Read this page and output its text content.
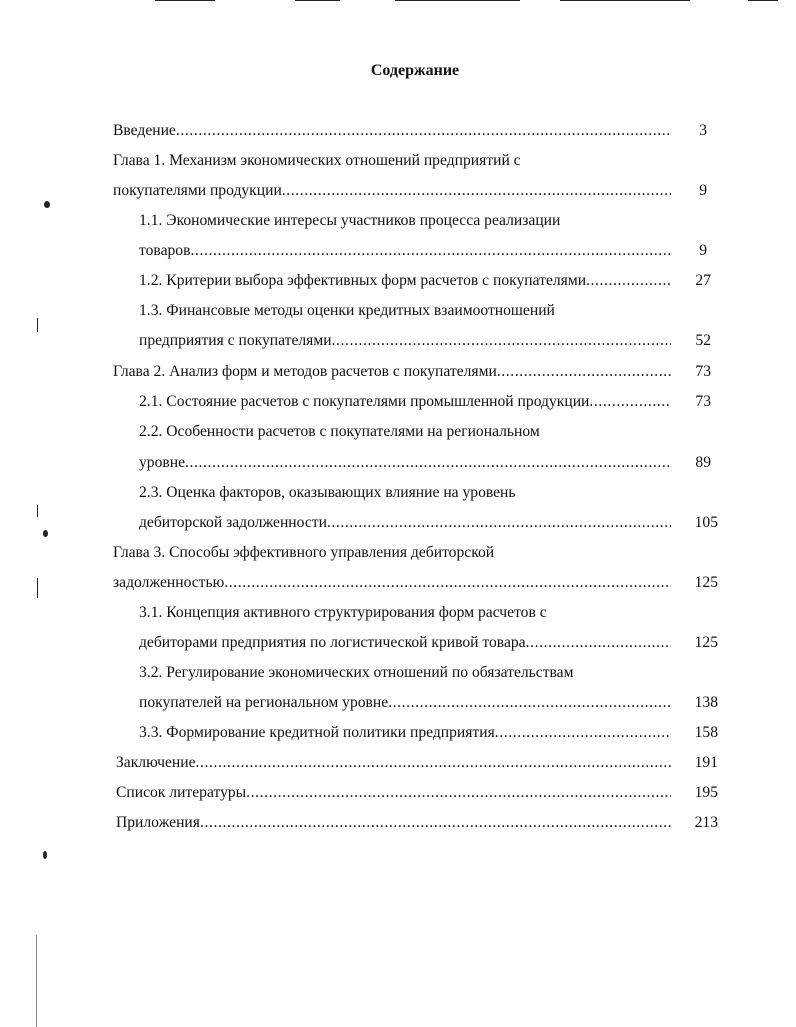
Содержание
Введение .....	3
Глава 1. Механизм экономических отношений предприятий с
покупателями продукции .....	9
1.1. Экономические интересы участников процесса реализации
товаров .....	9
1.2. Критерии выбора эффективных форм расчетов с покупателями .....	27
1.3. Финансовые методы оценки кредитных взаимоотношений
предприятия с покупателями .....	52
Глава 2. Анализ форм и методов расчетов с покупателями .....	73
2.1. Состояние расчетов с покупателями промышленной продукции .....	73
2.2. Особенности расчетов с покупателями на региональном
уровне .....	89
2.3. Оценка факторов, оказывающих влияние на уровень
дебиторской задолженности .....	105
Глава 3. Способы эффективного управления дебиторской
задолженностью .....	125
3.1. Концепция активного структурирования форм расчетов с
дебиторами предприятия по логистической кривой товара .....	125
3.2. Регулирование экономических отношений по обязательствам
покупателей на региональном уровне .....	138
3.3. Формирование кредитной политики предприятия .....	158
Заключение .....	191
Список литературы .....	195
Приложения .....	213
